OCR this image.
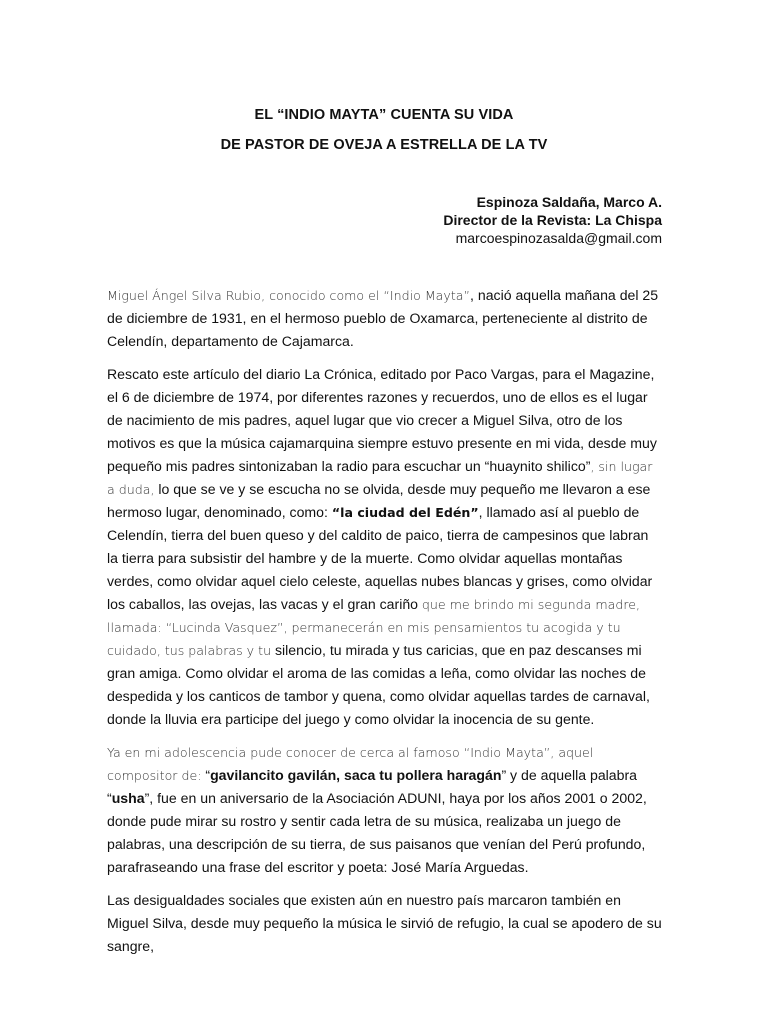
EL “INDIO MAYTA” CUENTA SU VIDA
DE PASTOR DE OVEJA A ESTRELLA DE LA TV
Espinoza Saldaña, Marco A.
Director de la Revista: La Chispa
marcoespinozasalda@gmail.com

Miguel Ángel Silva Rubio, conocido como el “Indio Mayta”, nació aquella mañana del 25 de diciembre de 1931, en el hermoso pueblo de Oxamarca, perteneciente al distrito de Celendín, departamento de Cajamarca.

Rescato este artículo del diario La Crónica, editado por Paco Vargas, para el Magazine, el 6 de diciembre de 1974, por diferentes razones y recuerdos, uno de ellos es el lugar de nacimiento de mis padres, aquel lugar que vio crecer a Miguel Silva, otro de los motivos es que la música cajamarquina siempre estuvo presente en mi vida, desde muy pequeño mis padres sintonizaban la radio para escuchar un “huaynito shilico”, sin lugar a duda, lo que se ve y se escucha no se olvida, desde muy pequeño me llevaron a ese hermoso lugar, denominado, como: “la ciudad del Edén”, llamado así al pueblo de Celendín, tierra del buen queso y del caldito de paico, tierra de campesinos que labran la tierra para subsistir del hambre y de la muerte. Como olvidar aquellas montañas verdes, como olvidar aquel cielo celeste, aquellas nubes blancas y grises, como olvidar los caballos, las ovejas, las vacas y el gran cariño que me brindo mi segunda madre, llamada: “Lucinda Vasquez”, permanecerán en mis pensamientos tu acogida y tu cuidado, tus palabras y tu silencio, tu mirada y tus caricias, que en paz descanses mi gran amiga. Como olvidar el aroma de las comidas a leña, como olvidar las noches de despedida y los canticos de tambor y quena, como olvidar aquellas tardes de carnaval, donde la lluvia era participe del juego y como olvidar la inocencia de su gente.

Ya en mi adolescencia pude conocer de cerca al famoso “Indio Mayta”, aquel compositor de: “gavilancito gavilán, saca tu pollera haragán” y de aquella palabra “usha”, fue en un aniversario de la Asociación ADUNI, haya por los años 2001 o 2002, donde pude mirar su rostro y sentir cada letra de su música, realizaba un juego de palabras, una descripción de su tierra, de sus paisanos que venían del Perú profundo, parafraseando una frase del escritor y poeta: José María Arguedas.

Las desigualdades sociales que existen aún en nuestro país marcaron también en Miguel Silva, desde muy pequeño la música le sirvió de refugio, la cual se apodero de su sangre,
